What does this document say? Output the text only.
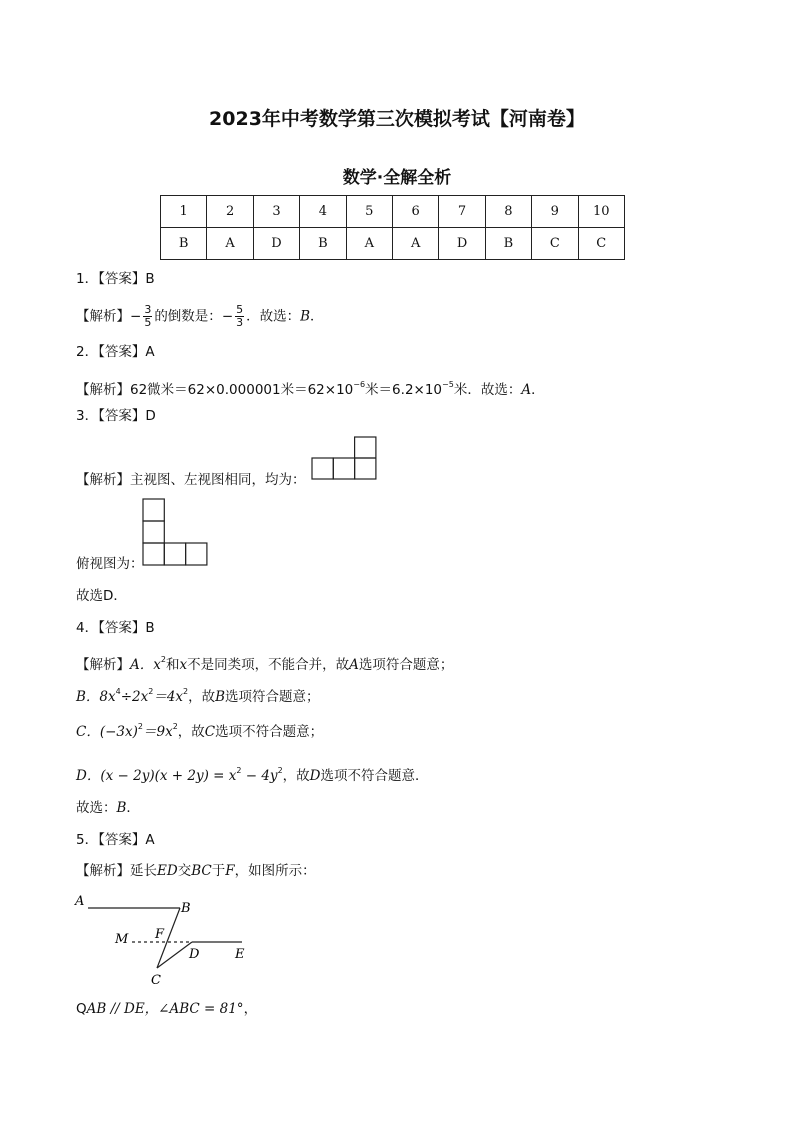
2023年中考数学第三次模拟考试【河南卷】
数学·全解全析
1	2	3	4	5	6	7	8	9	10
B	A	D	B	A	A	D	B	C	C
1．【答案】B
【解析】− $\frac{3}{5}$ 的倒数是：− $\frac{5}{3}$ ．故选：B．
2．【答案】A
【解析】62微米＝62×0.000001米$=62\times 10^{-6}$米$=6.2\times 10^{-5}$米．故选：A．
3．【答案】D
【解析】主视图、左视图相同，均为：
俯视图为：
故选D．
4．【答案】B
【解析】A．$x^2$和x不是同类项，不能合并，故A选项符合题意；
B．$8x^4\div 2x^2=4x^2$，故B选项符合题意；
C．$(-3x)^2=9x^2$，故C选项不符合题意；
D．$(x - 2y)(x + 2y) = x^2 - 4y^2$，故D选项不符合题意．
故选：B．
5．【答案】A
【解析】延长ED交BC于F，如图所示：
A	B
M F
D	E
C
QAB // DE，∠ABC = 81°，
